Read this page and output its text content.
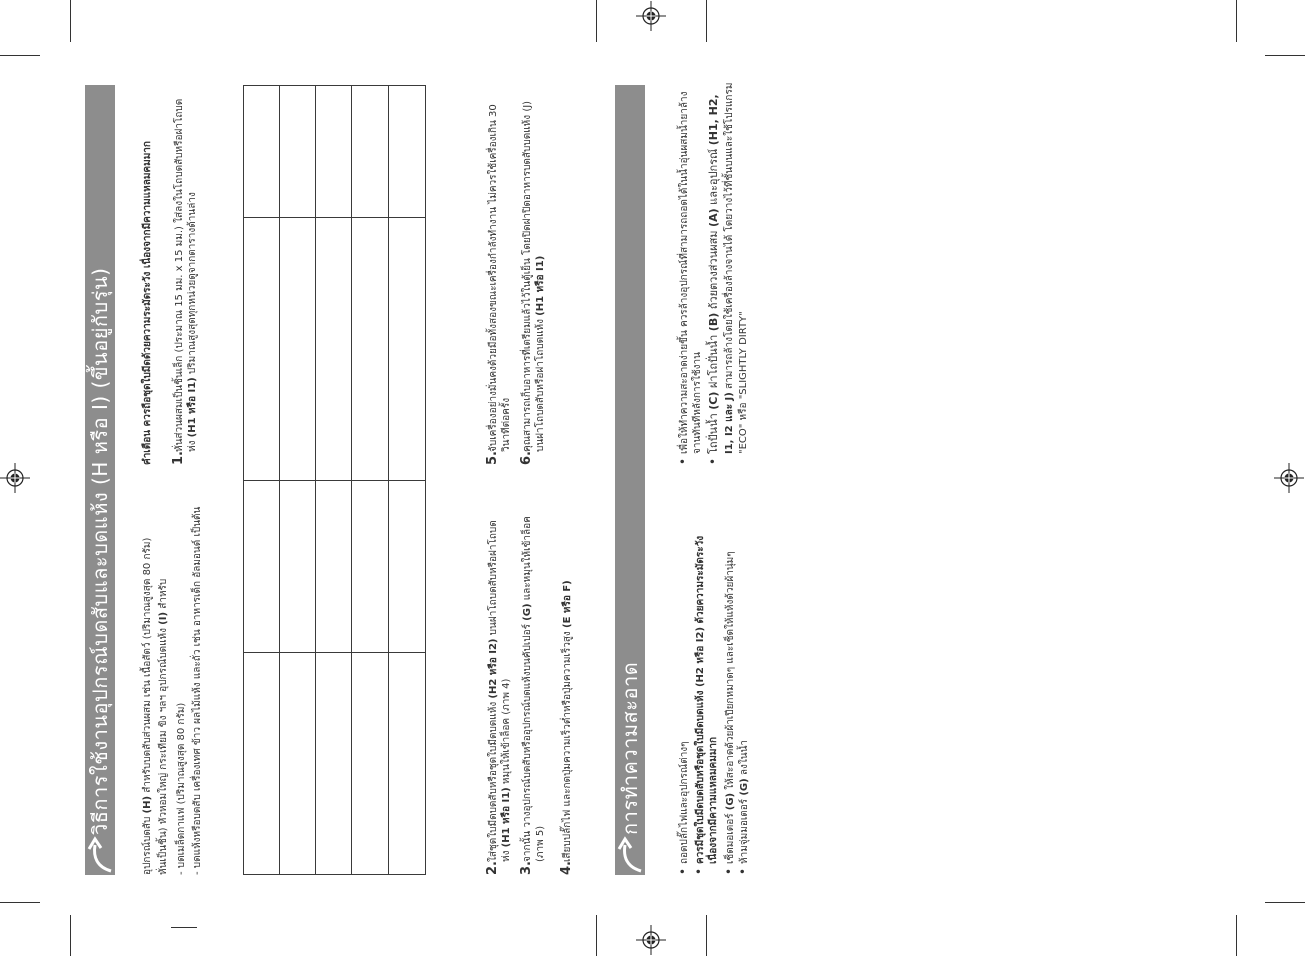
วิธีการใช้งานอุปกรณ์บดสับและบดแห้ง (H หรือ I) (ขึ้นอยู่กับรุ่น)
อุปกรณ์บดสับ (H) สำหรับบดสับส่วนผสม เช่น เนื้อสัตว์ (ปริมาณสูงสุด 80 กรัม) หั่นเป็นชิ้น) หัวหอมใหญ่ กระเทียม ขิง ฯลฯ อุปกรณ์บดแห้ง (I) สำหรับ
- บดเมล็ดกาแฟ (ปริมาณสูงสุด 80 กรัม) - บดแห้งหรือบดสับ เครื่องเทศ ข้าว ผลไม้แห้ง และถั่ว เช่น อาหารเด็ก อัลมอนด์ เป็นต้น
คำเตือน ควรถือชุดใบมีดด้วยความระมัดระวัง เนื่องจากมีความแหลมคมมาก 1.
หั่นส่วนผสมเป็นชิ้นเล็ก (ประมาณ 15 มม. x 15 มม.) ใส่ลงในโถบดสับหรือฝาโถบด ห่ง (H1 หรือ I1) ปริมาณสูงสุดทุกหน่วยดูจากตารางด้านล่าง

2.
ใส่ชุดใบมีดบดสับหรือชุดใบมีดบดแห้ง (H2 หรือ I2) บนฝาโถบดสับหรือฝาโถบด
ห่ง (H1 หรือ I1) หมุนให้เข้าล็อค (ภาพ 4)
3.
จากนั้น วางอุปกรณ์บดสับหรืออุปกรณ์บดแห้งบนคัปเปอร์ (G) และหมุนให้เข้าล็อค
(ภาพ 5)
4.
เสียบปลั๊กไฟ และกดปุ่มความเร็วต่ำหรือปุ่มความเร็วสูง (E หรือ F)
5.
จับเครื่องอย่างมั่นคงด้วยมือทั้งสองขณะเครื่องกำลังทำงาน ไม่ควรใช้เครื่องเกิน 30 วินาทีต่อครั้ง
6.
คุณสามารถเก็บอาหารที่เตรียมแล้วไว้ในตู้เย็น โดยปิดฝาปิดอาหารบดสับบดแห้ง (J) บนฝาโถบดสับหรือฝาโถบดแห้ง (H1 หรือ I1)
การทำความสะอาด
•ถอดปลั๊กไฟและอุปกรณ์ต่างๆ
•ควรมีชุดใบมีดบดสับหรือชุดใบมีดบดแห้ง (H2 หรือ I2) ด้วยความระมัดระวัง เนื่องจากมีความแหลมคมมาก
•เช็ดมอเตอร์ (G) ให้สะอาดด้วยผ้าเปียกหมาดๆ และเช็ดให้แห้งด้วยผ้านุ่มๆ
•ห้ามจุ่มมอเตอร์ (G) ลงในน้ำ
•เพื่อให้ทำความสะอาดง่ายขึ้น ควรล้างอุปกรณ์ที่สามารถถอดได้ในน้ำอุ่นผสมน้ำยาล้าง จานทันทีหลังการใช้งาน
•โถปั่นน้ำ (C) ฝาโถปั่นน้ำ (B) ถ้วยตวงส่วนผสม (A) และอุปกรณ์ (H1, H2,
I1, I2 และ J) สามารถล้างโดยใช้เครื่องล้างจานได้ โดยวางไว้ที่ชั้นบนและใช้โปรแกรม "ECO" หรือ "SLIGHTLY DIRTY"
